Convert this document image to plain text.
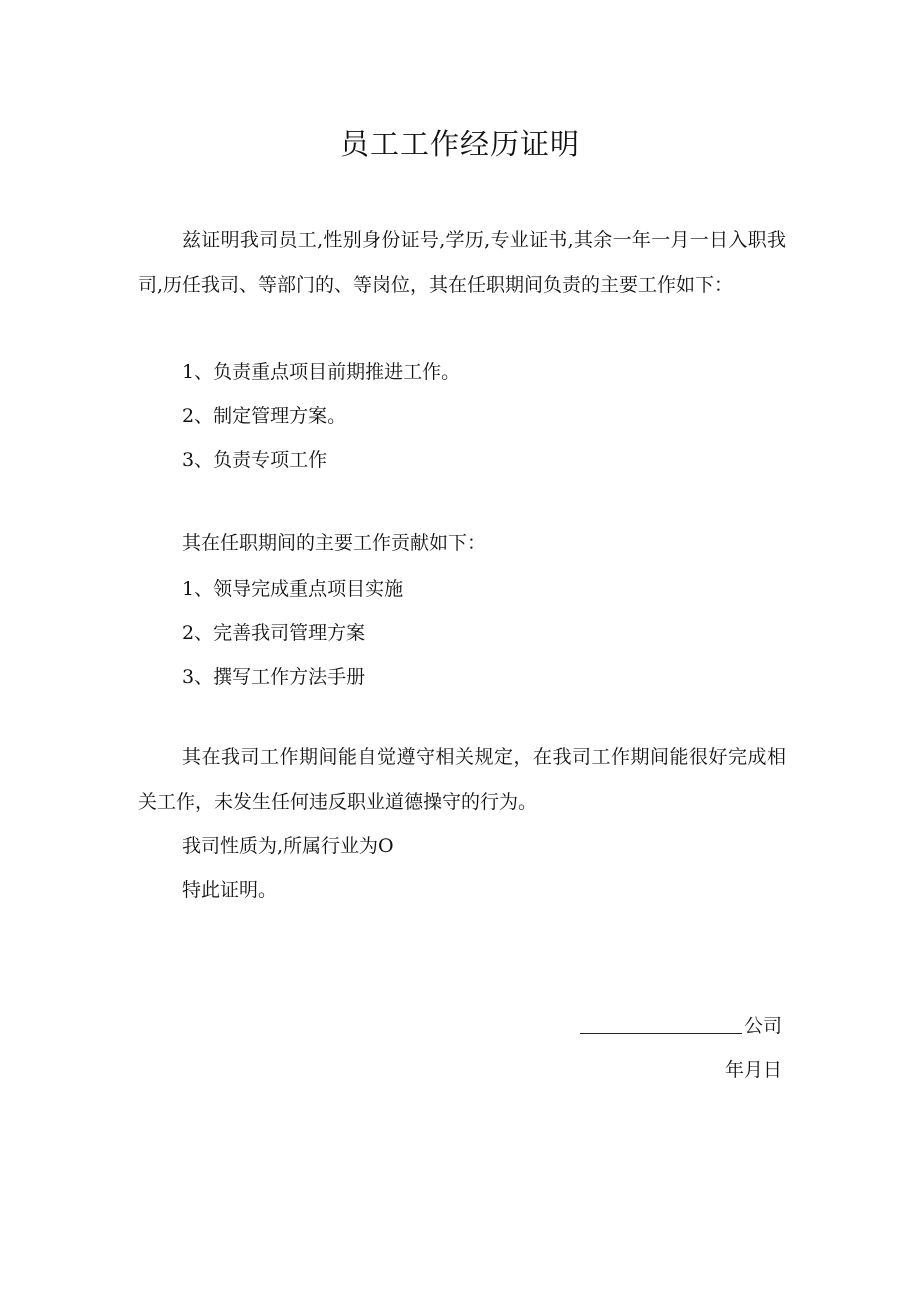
员工工作经历证明

兹证明我司员工,性别身份证号,学历,专业证书,其余一年一月一日入职我司,历任我司、等部门的、等岗位，其在任职期间负责的主要工作如下：

1、负责重点项目前期推进工作。
2、制定管理方案。
3、负责专项工作
其在任职期间的主要工作贡献如下：
1、领导完成重点项目实施
2、完善我司管理方案
3、撰写工作方法手册

其在我司工作期间能自觉遵守相关规定，在我司工作期间能很好完成相关工作，未发生任何违反职业道德操守的行为。

我司性质为,所属行业为O
特此证明。
公司
年月日
